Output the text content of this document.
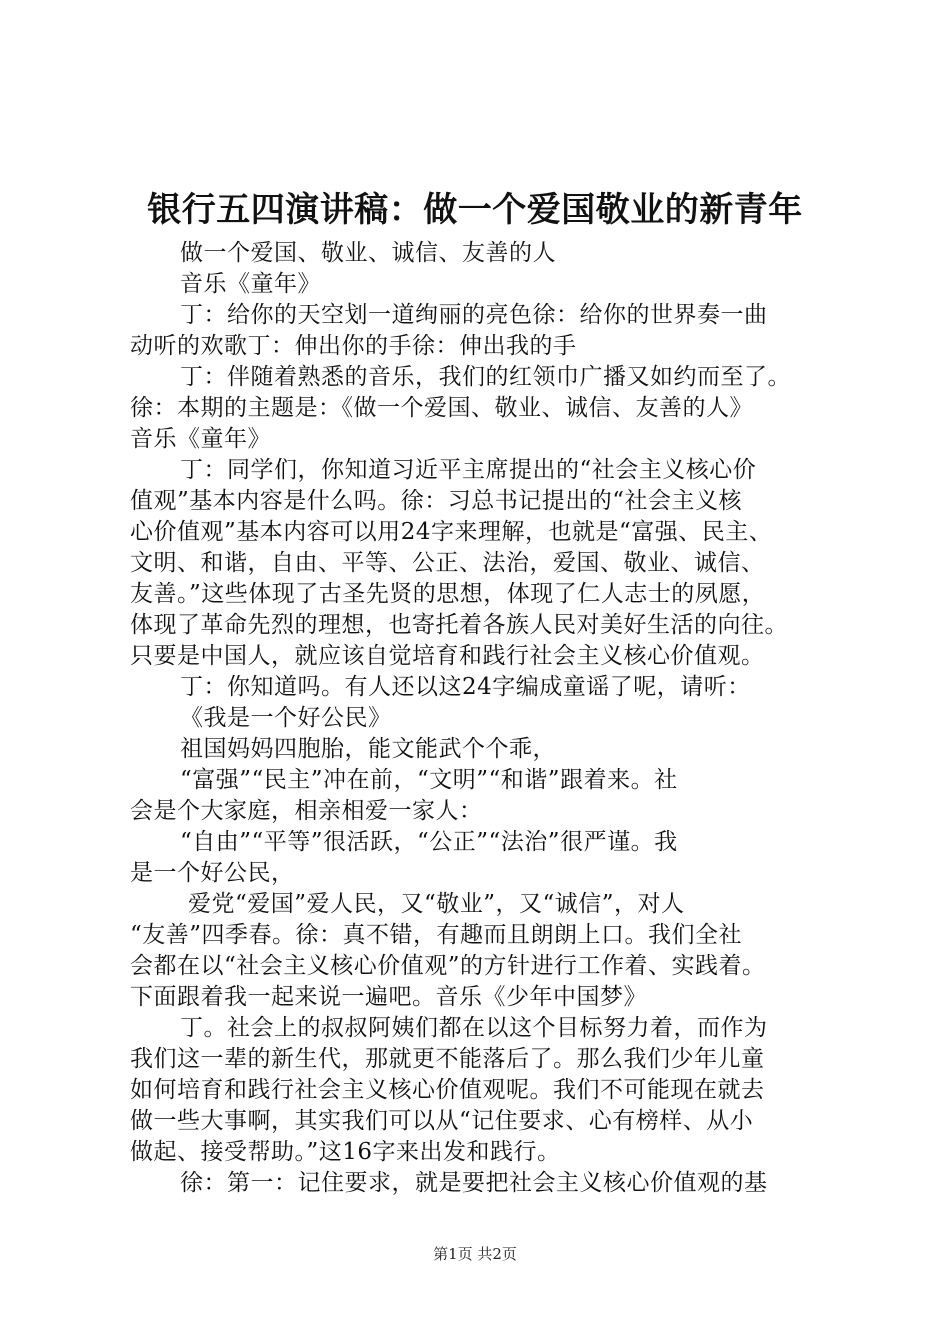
银行五四演讲稿：做一个爱国敬业的新青年
做一个爱国、敬业、诚信、友善的人
音乐《童年》
丁：给你的天空划一道绚丽的亮色徐：给你的世界奏一曲
动听的欢歌丁：伸出你的手徐：伸出我的手
丁：伴随着熟悉的音乐，我们的红领巾广播又如约而至了。
徐：本期的主题是：《做一个爱国、敬业、诚信、友善的人》
音乐《童年》
丁：同学们，你知道习近平主席提出的“社会主义核心价
值观”基本内容是什么吗。徐：习总书记提出的“社会主义核
心价值观”基本内容可以用24字来理解，也就是“富强、民主、
文明、和谐，自由、平等、公正、法治，爱国、敬业、诚信、
友善。”这些体现了古圣先贤的思想，体现了仁人志士的夙愿，
体现了革命先烈的理想，也寄托着各族人民对美好生活的向往。
只要是中国人，就应该自觉培育和践行社会主义核心价值观。
丁：你知道吗。有人还以这24字编成童谣了呢，请听：
《我是一个好公民》
祖国妈妈四胞胎，能文能武个个乖，
“富强”“民主”冲在前，“文明”“和谐”跟着来。社
会是个大家庭，相亲相爱一家人：
“自由”“平等”很活跃，“公正”“法治”很严谨。我
是一个好公民，
爱党“爱国”爱人民，又“敬业”，又“诚信”，对人
“友善”四季春。徐：真不错，有趣而且朗朗上口。我们全社
会都在以“社会主义核心价值观”的方针进行工作着、实践着。
下面跟着我一起来说一遍吧。音乐《少年中国梦》
丁。社会上的叔叔阿姨们都在以这个目标努力着，而作为
我们这一辈的新生代，那就更不能落后了。那么我们少年儿童
如何培育和践行社会主义核心价值观呢。我们不可能现在就去
做一些大事啊，其实我们可以从“记住要求、心有榜样、从小
做起、接受帮助。”这16字来出发和践行。
徐：第一：记住要求，就是要把社会主义核心价值观的基
第1页 共2页
